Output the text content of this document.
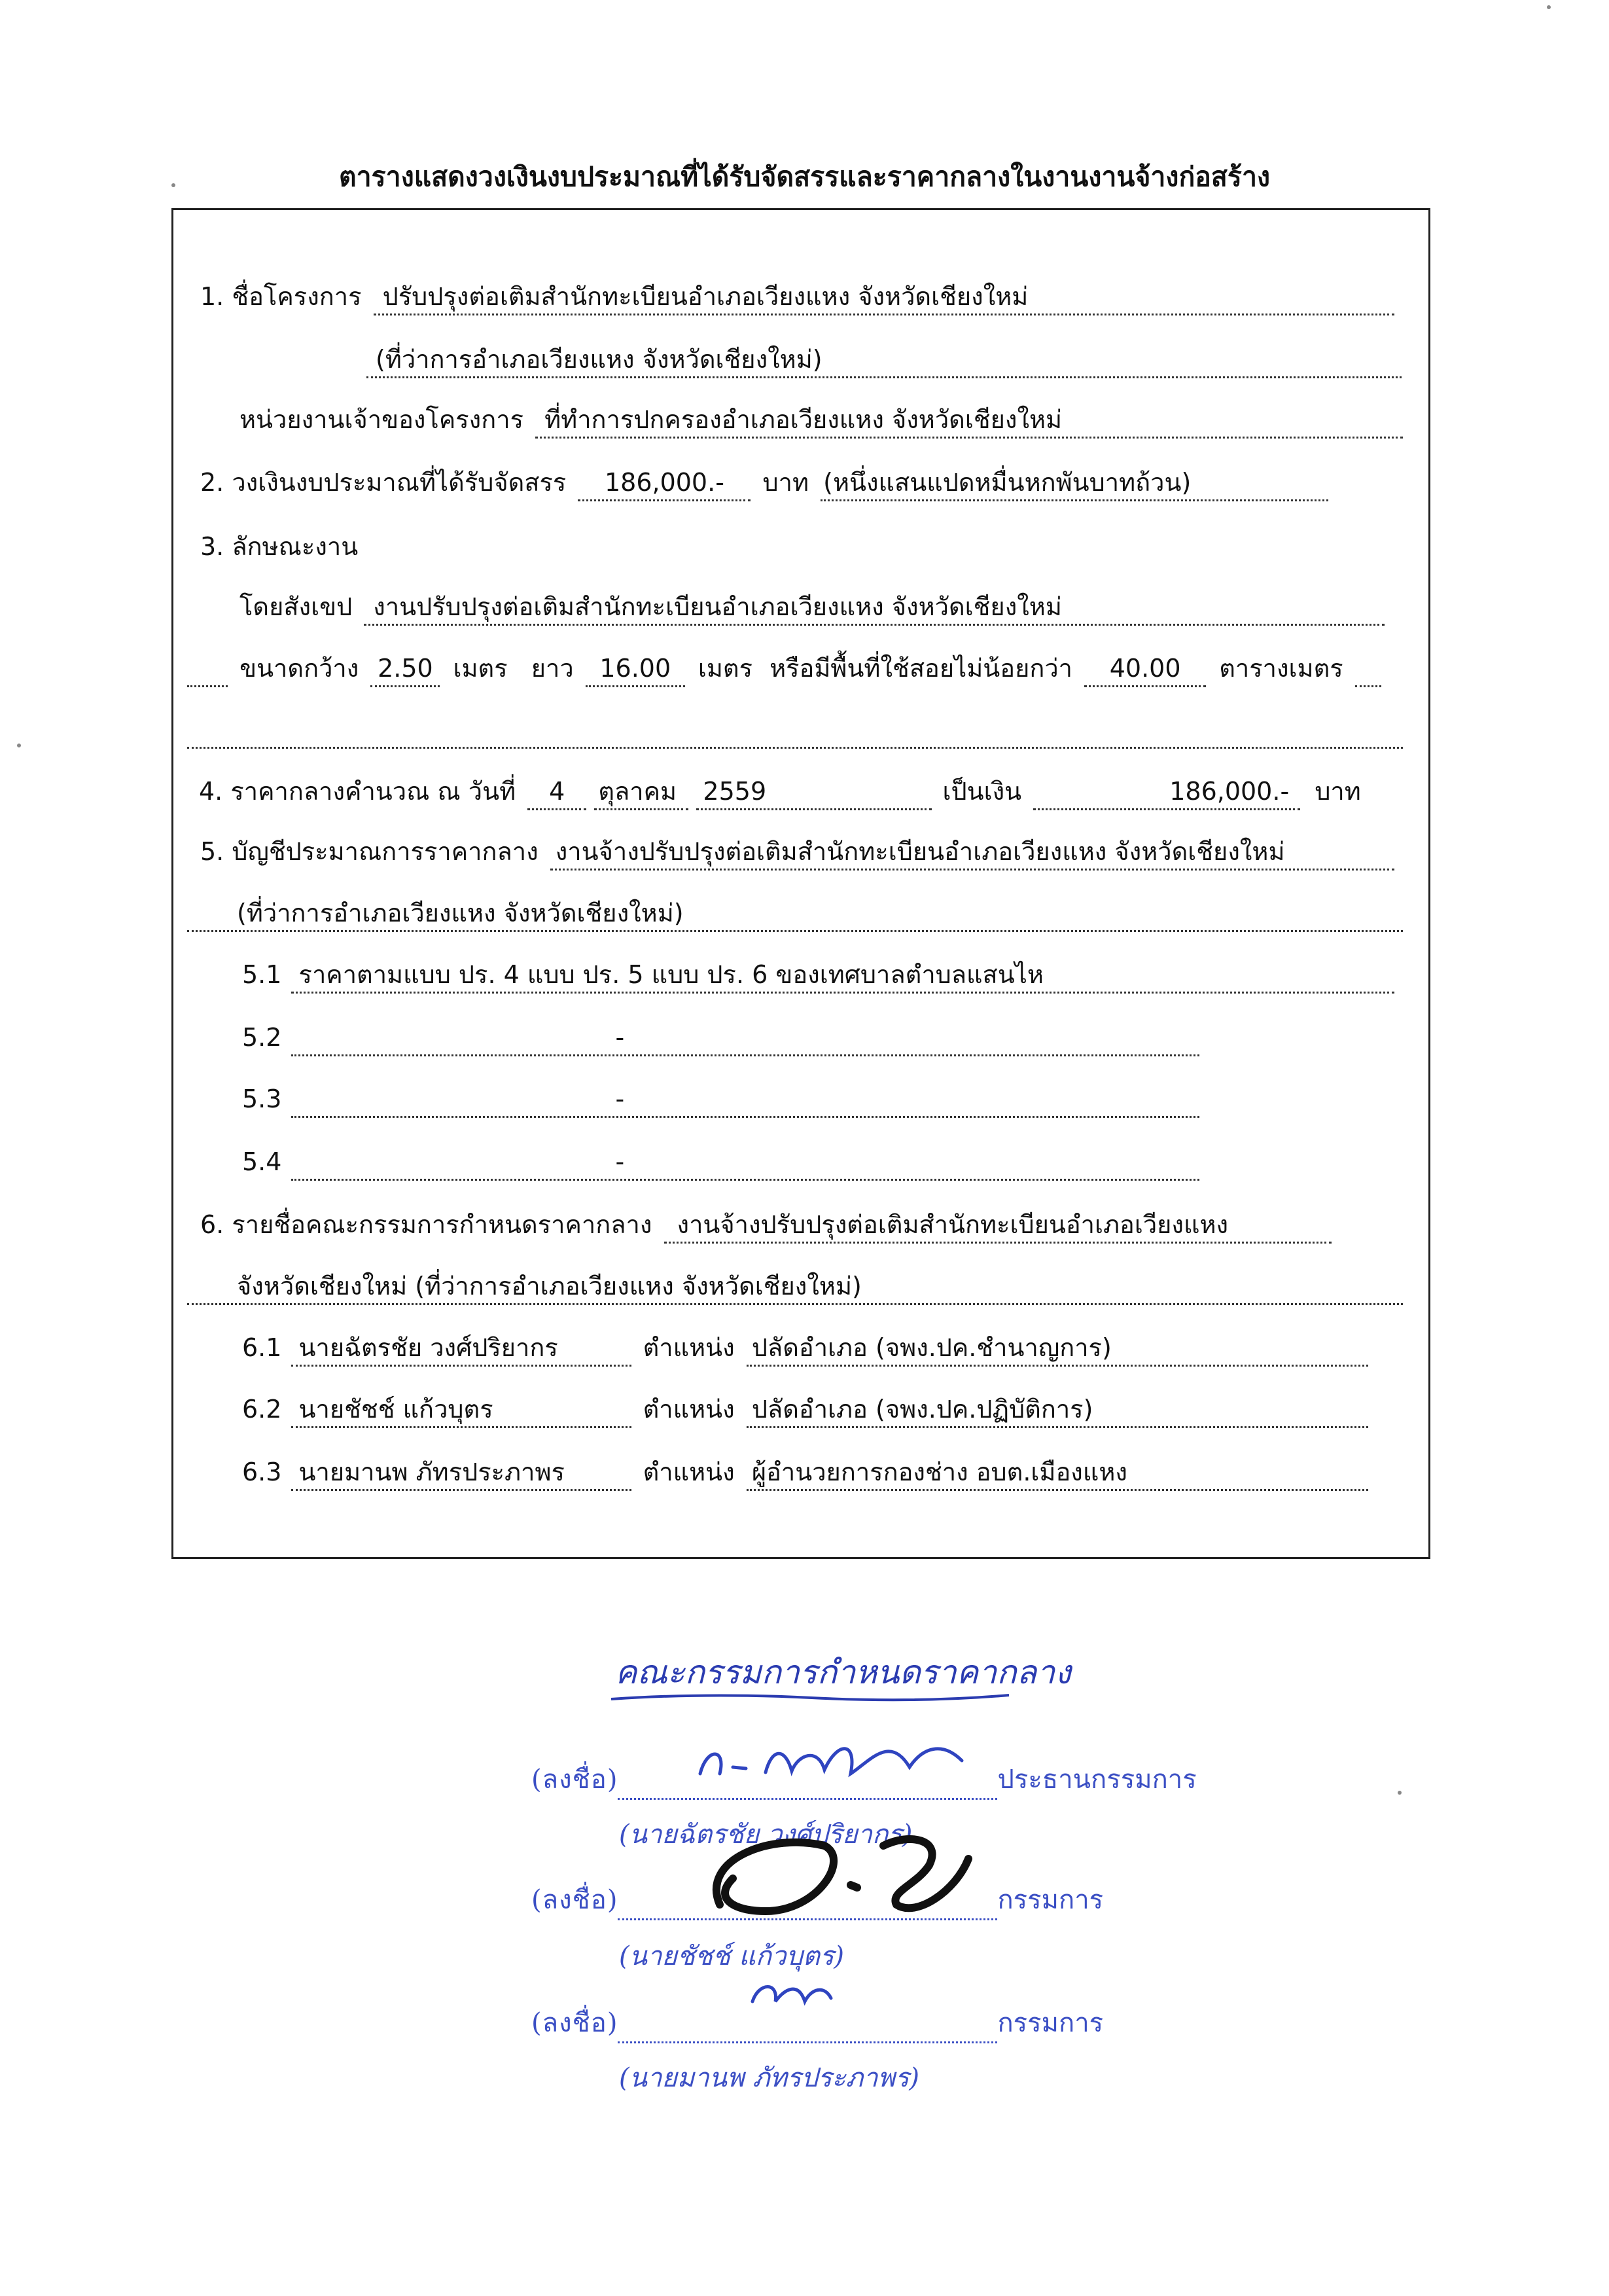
ตารางแสดงวงเงินงบประมาณที่ได้รับจัดสรรและราคากลางในงานงานจ้างก่อสร้าง
1. ชื่อโครงการ ปรับปรุงต่อเติมสำนักทะเบียนอำเภอเวียงแหง จังหวัดเชียงใหม่
(ที่ว่าการอำเภอเวียงแหง จังหวัดเชียงใหม่)
หน่วยงานเจ้าของโครงการ ที่ทำการปกครองอำเภอเวียงแหง จังหวัดเชียงใหม่
2. วงเงินงบประมาณที่ได้รับจัดสรร	186,000.-	บาท (หนึ่งแสนแปดหมื่นหกพันบาทถ้วน)
3. ลักษณะงาน
โดยสังเขป งานปรับปรุงต่อเติมสำนักทะเบียนอำเภอเวียงแหง จังหวัดเชียงใหม่
ขนาดกว้าง 2.50 เมตร ยาว	16.00	เมตร หรือมีพื้นที่ใช้สอยไม่น้อยกว่า	40.00	ตารางเมตร
4. ราคากลางคำนวณ ณ วันที่	4	ตุลาคม 2559	เป็นเงิน	186,000.- บาท
5. บัญชีประมาณการราคากลาง งานจ้างปรับปรุงต่อเติมสำนักทะเบียนอำเภอเวียงแหง จังหวัดเชียงใหม่
(ที่ว่าการอำเภอเวียงแหง จังหวัดเชียงใหม่)
5.1 ราคาตามแบบ ปร. 4 แบบ ปร. 5 แบบ ปร. 6 ของเทศบาลตำบลแสนไห
5.2	-
5.3	-
5.4	-
6. รายชื่อคณะกรรมการกำหนดราคากลาง งานจ้างปรับปรุงต่อเติมสำนักทะเบียนอำเภอเวียงแหง
จังหวัดเชียงใหม่ (ที่ว่าการอำเภอเวียงแหง จังหวัดเชียงใหม่)
6.1 นายฉัตรชัย วงศ์ปริยากร	ตำแหน่ง ปลัดอำเภอ (จพง.ปค.ชำนาญการ)
6.2 นายชัชช์ แก้วบุตร	ตำแหน่ง ปลัดอำเภอ (จพง.ปค.ปฏิบัติการ)
6.3 นายมานพ ภัทรประภาพร	ตำแหน่ง ผู้อำนวยการกองช่าง อบต.เมืองแหง
คณะกรรมการกำหนดราคากลาง
(ลงชื่อ)	ประธานกรรมการ
(นายฉัตรชัย วงศ์ปริยากร)
(ลงชื่อ)	กรรมการ
(นายชัชช์ แก้วบุตร)
(ลงชื่อ)	กรรมการ
(นายมานพ ภัทรประภาพร)
